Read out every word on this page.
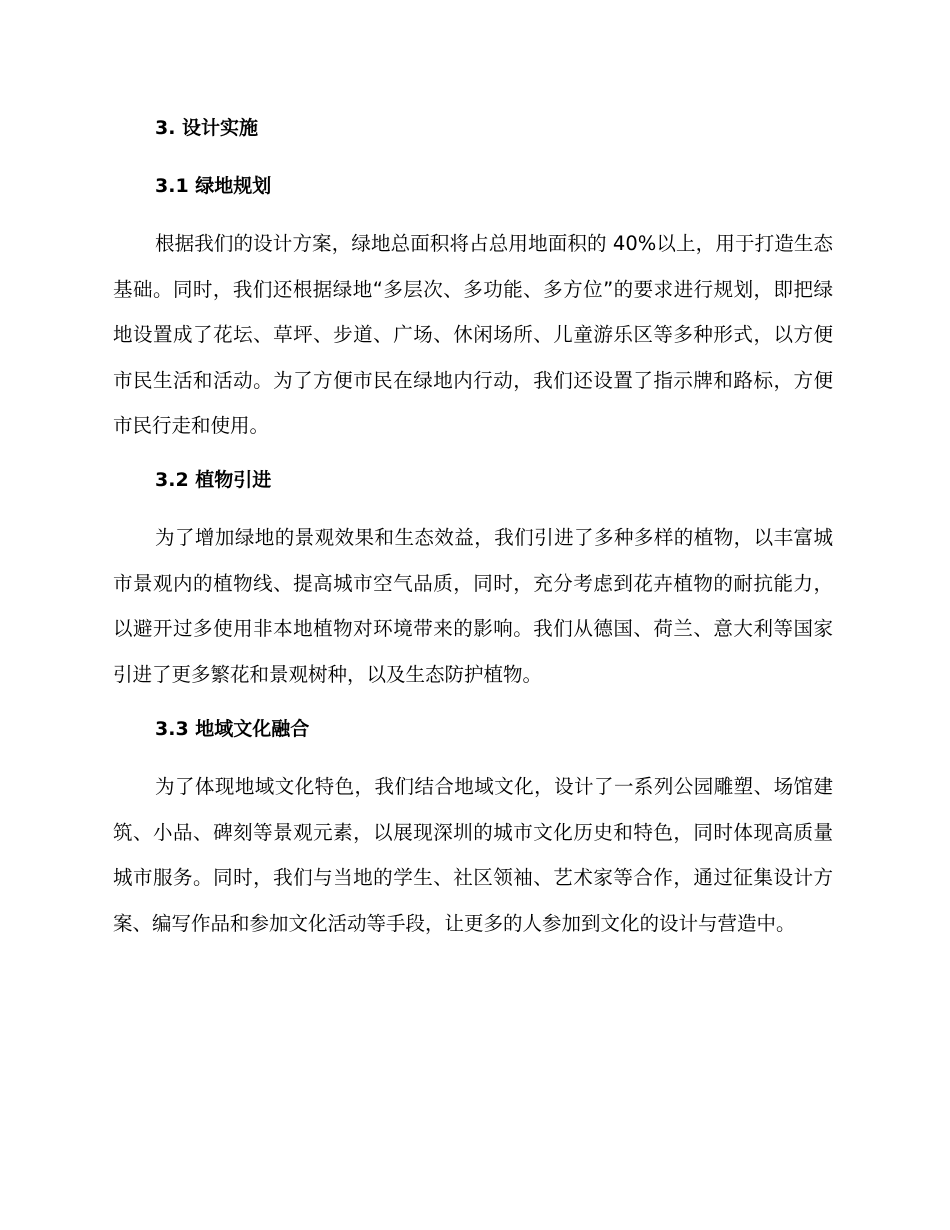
3. 设计实施
3.1 绿地规划

根据我们的设计方案，绿地总面积将占总用地面积的 40%以上，用于打造生态基础。同时，我们还根据绿地“多层次、多功能、多方位”的要求进行规划，即把绿地设置成了花坛、草坪、步道、广场、休闲场所、儿童游乐区等多种形式，以方便市民生活和活动。为了方便市民在绿地内行动，我们还设置了指示牌和路标，方便市民行走和使用。

3.2 植物引进

为了增加绿地的景观效果和生态效益，我们引进了多种多样的植物，以丰富城市景观内的植物线、提高城市空气品质，同时，充分考虑到花卉植物的耐抗能力，以避开过多使用非本地植物对环境带来的影响。我们从德国、荷兰、意大利等国家引进了更多繁花和景观树种，以及生态防护植物。

3.3 地域文化融合

为了体现地域文化特色，我们结合地域文化，设计了一系列公园雕塑、场馆建筑、小品、碑刻等景观元素，以展现深圳的城市文化历史和特色，同时体现高质量城市服务。同时，我们与当地的学生、社区领袖、艺术家等合作，通过征集设计方案、编写作品和参加文化活动等手段，让更多的人参加到文化的设计与营造中。
